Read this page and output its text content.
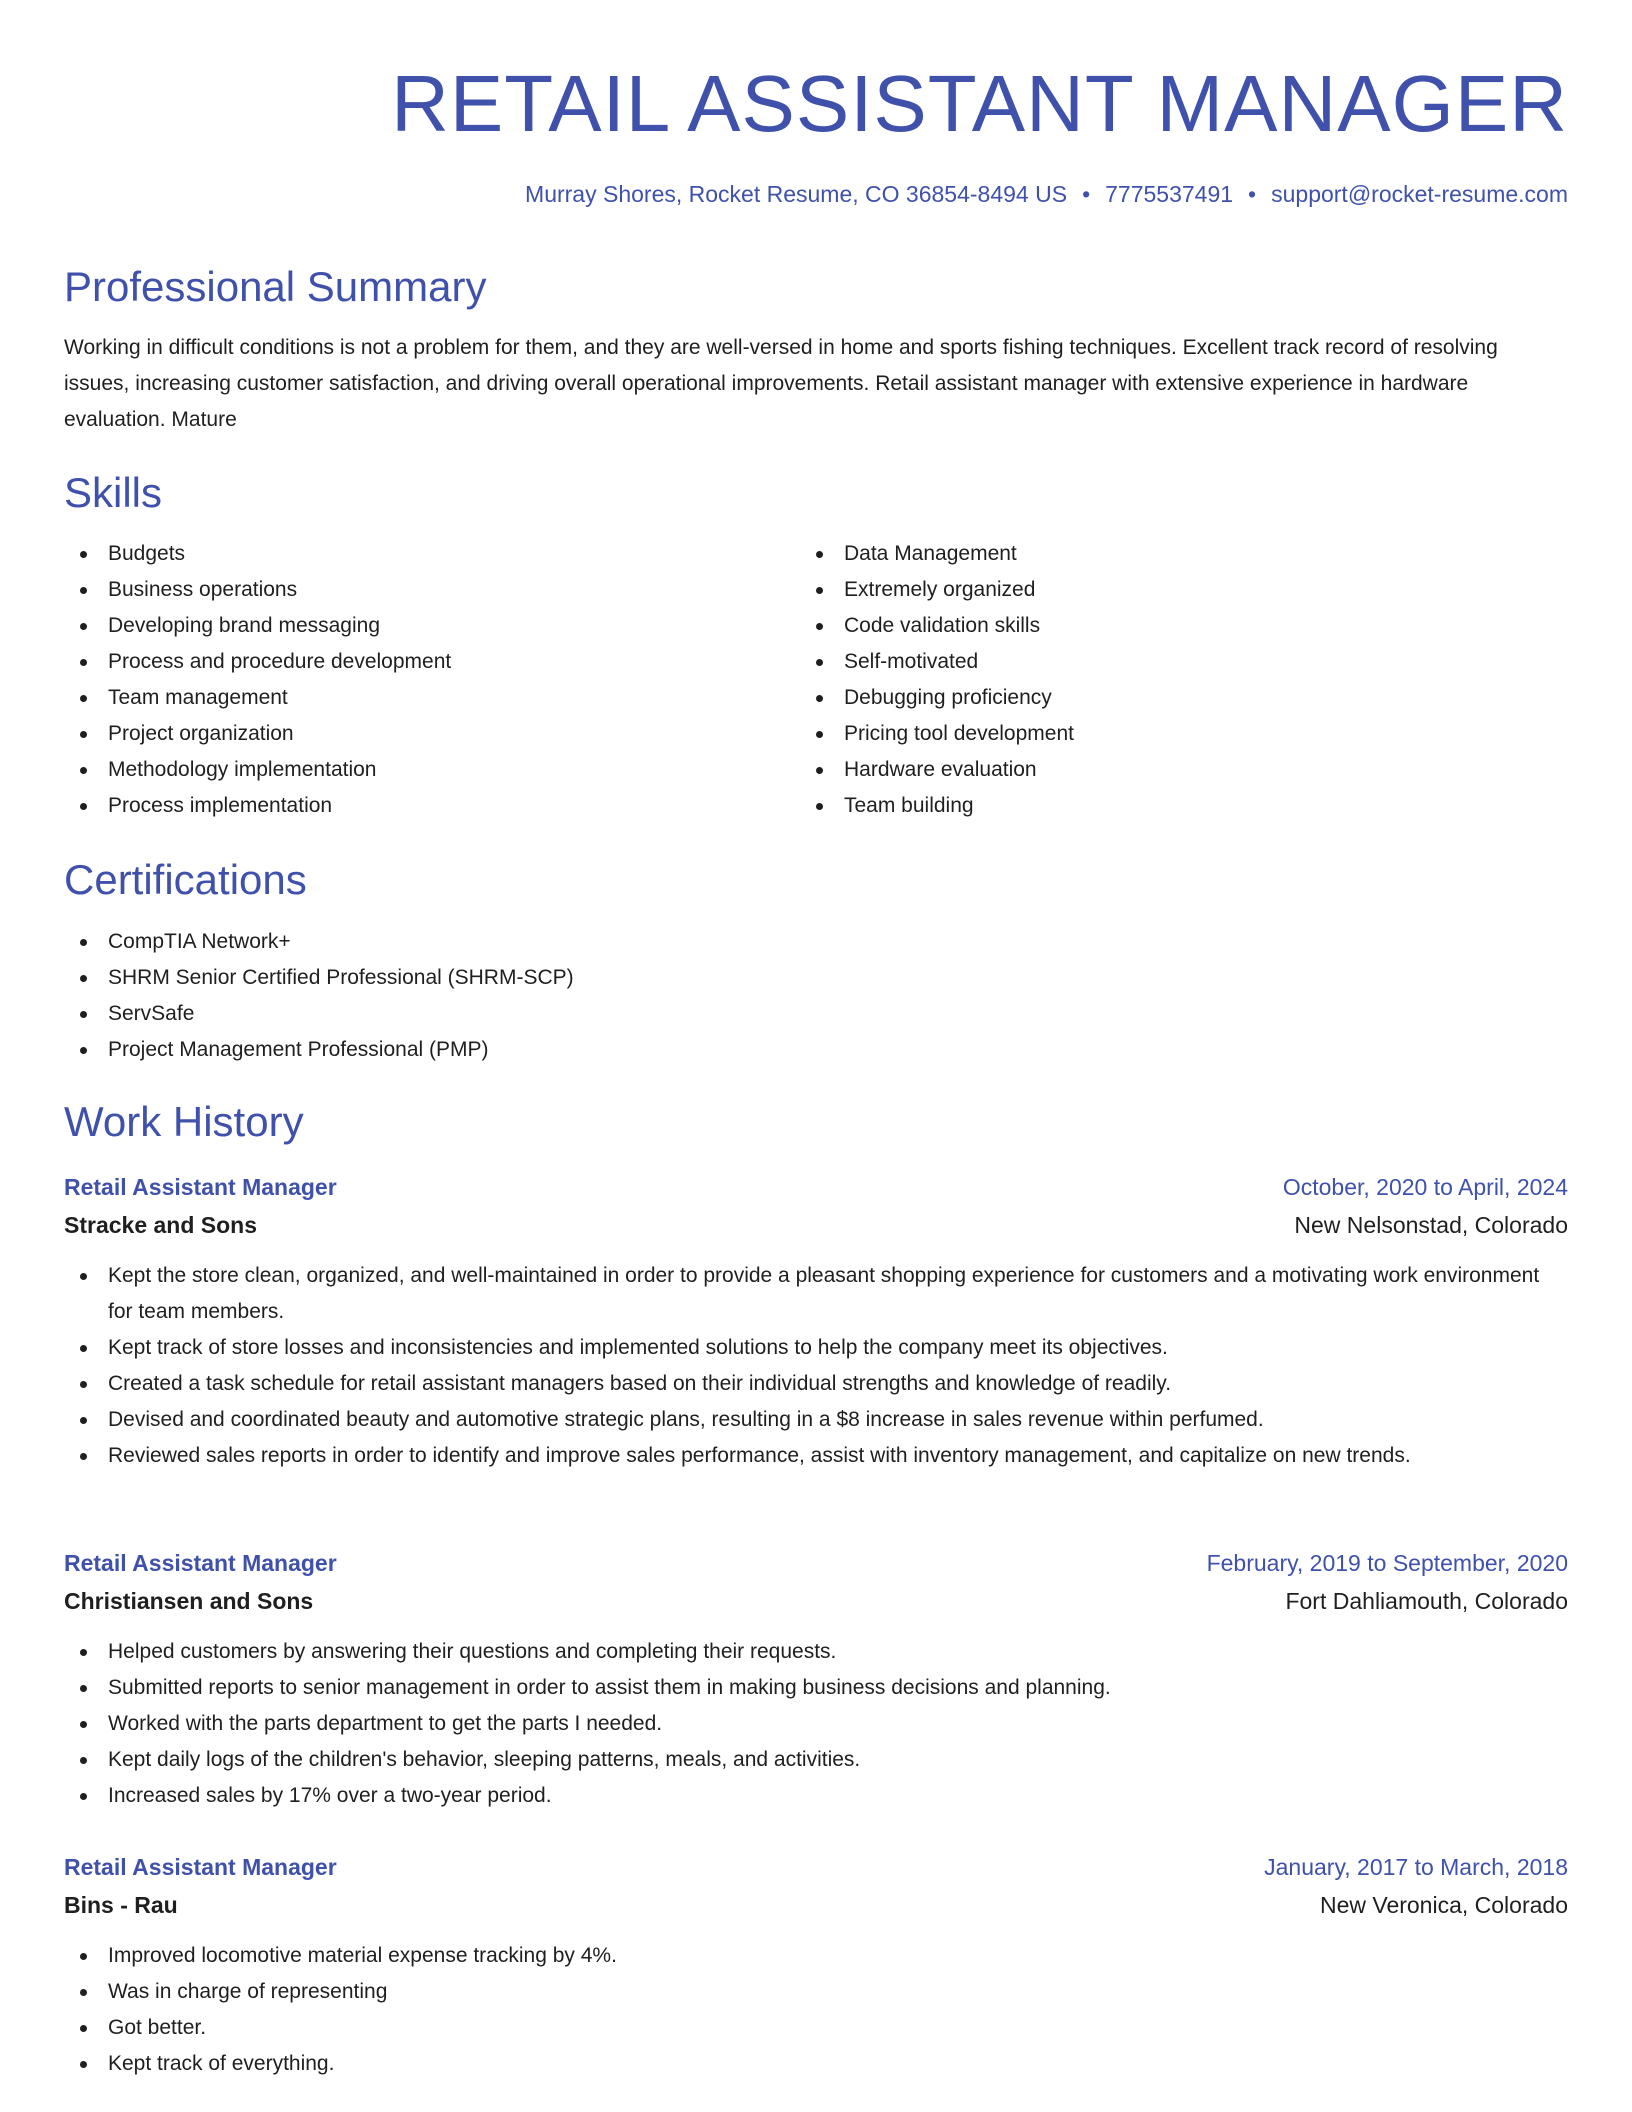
RETAIL ASSISTANT MANAGER
Murray Shores, Rocket Resume, CO 36854-8494 US • 7775537491 • support@rocket-resume.com
Professional Summary

Working in difficult conditions is not a problem for them, and they are well-versed in home and sports fishing techniques. Excellent track record of resolving issues, increasing customer satisfaction, and driving overall operational improvements. Retail assistant manager with extensive experience in hardware evaluation. Mature

Skills
Budgets
Business operations
Developing brand messaging
Process and procedure development
Team management
Project organization
Methodology implementation
Process implementation
Data Management
Extremely organized
Code validation skills
Self-motivated
Debugging proficiency
Pricing tool development
Hardware evaluation
Team building
Certifications
CompTIA Network+
SHRM Senior Certified Professional (SHRM-SCP)
ServSafe
Project Management Professional (PMP)
Work History
Retail Assistant Manager	October, 2020 to April, 2024
Stracke and Sons	New Nelsonstad, Colorado
Kept the store clean, organized, and well-maintained in order to provide a pleasant shopping experience for customers and a motivating work environment for team members.
Kept track of store losses and inconsistencies and implemented solutions to help the company meet its objectives.
Created a task schedule for retail assistant managers based on their individual strengths and knowledge of readily.
Devised and coordinated beauty and automotive strategic plans, resulting in a $8 increase in sales revenue within perfumed.
Reviewed sales reports in order to identify and improve sales performance, assist with inventory management, and capitalize on new trends.
Retail Assistant Manager	February, 2019 to September, 2020
Christiansen and Sons	Fort Dahliamouth, Colorado
Helped customers by answering their questions and completing their requests.
Submitted reports to senior management in order to assist them in making business decisions and planning.
Worked with the parts department to get the parts I needed.
Kept daily logs of the children's behavior, sleeping patterns, meals, and activities.
Increased sales by 17% over a two-year period.
Retail Assistant Manager	January, 2017 to March, 2018
Bins - Rau	New Veronica, Colorado
Improved locomotive material expense tracking by 4%.
Was in charge of representing
Got better.
Kept track of everything.
